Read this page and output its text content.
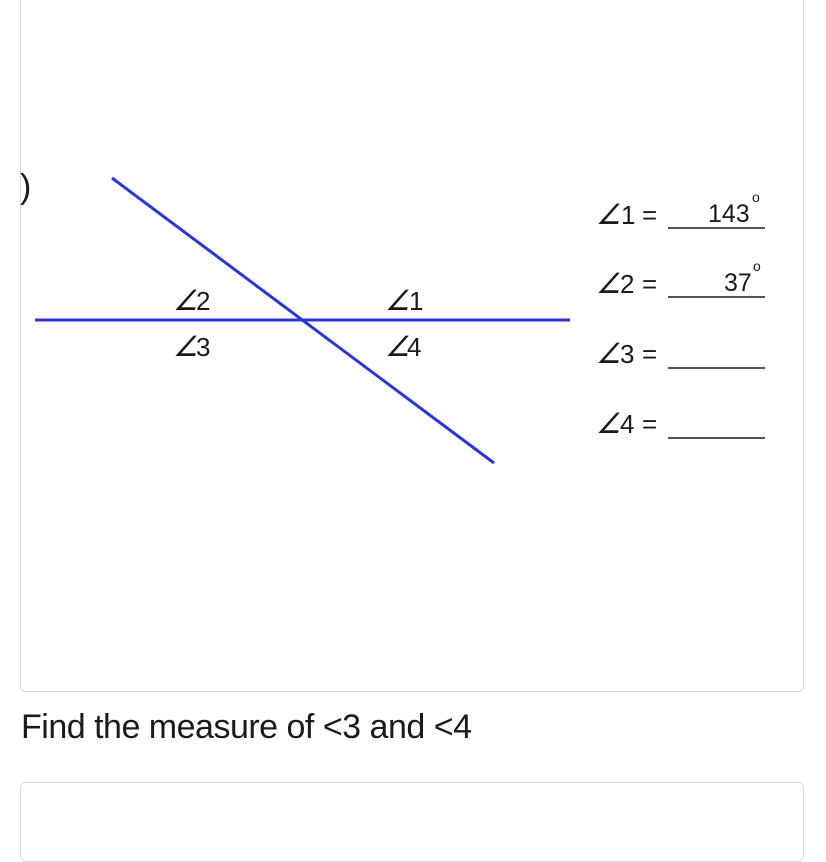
)
∠
2
∠
3
∠
1
∠
4
∠ 1 = 143
o
∠
2 =	37
o
∠
3 =
∠
4 =
Find the measure of <3 and <4
